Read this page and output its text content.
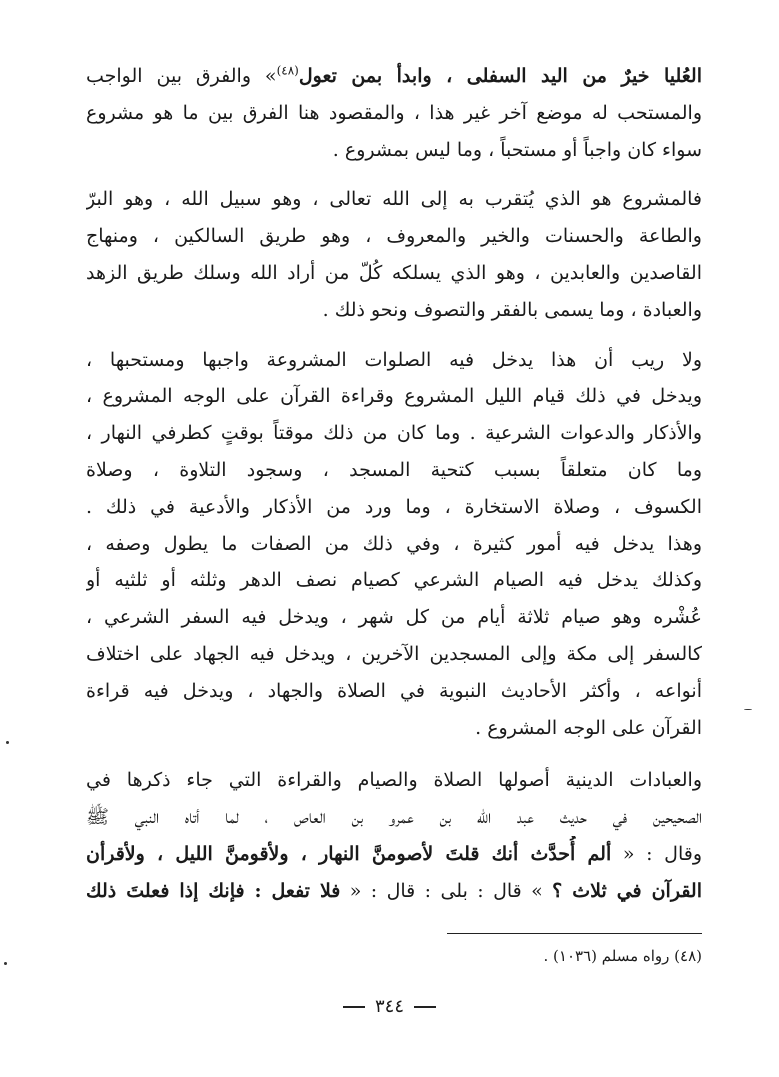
العُليا خيرٌ من اليد السفلى ، وابدأ بمن تعول$^{(٤٨)}$» والفرق بين الواجب
والمستحب له موضع آخر غير هذا ، والمقصود هنا الفرق بين ما هو مشروع
سواء كان واجباً أو مستحباً ، وما ليس بمشروع .
فالمشروع هو الذي يُتقرب به إلى الله تعالى ، وهو سبيل الله ، وهو البرّ
والطاعة والحسنات والخير والمعروف ، وهو طريق السالكين ، ومنهاج
القاصدين والعابدين ، وهو الذي يسلكه كُلّ من أراد الله وسلك طريق الزهد
والعبادة ، وما يسمى بالفقر والتصوف ونحو ذلك .
ولا ريب أن هذا يدخل فيه الصلوات المشروعة واجبها ومستحبها ،
ويدخل في ذلك قيام الليل المشروع وقراءة القرآن على الوجه المشروع ،
والأذكار والدعوات الشرعية . وما كان من ذلك موقتاً بوقتٍ كطرفي النهار ،
وما كان متعلقاً بسبب كتحية المسجد ، وسجود التلاوة ، وصلاة
الكسوف ، وصلاة الاستخارة ، وما ورد من الأذكار والأدعية في ذلك .
وهذا يدخل فيه أمور كثيرة ، وفي ذلك من الصفات ما يطول وصفه ،
وكذلك يدخل فيه الصيام الشرعي كصيام نصف الدهر وثلثه أو ثلثيه أو
عُشْره وهو صيام ثلاثة أيام من كل شهر ، ويدخل فيه السفر الشرعي ،
كالسفر إلى مكة وإلى المسجدين الآخرين ، ويدخل فيه الجهاد على اختلاف
أنواعه ، وأكثر الأحاديث النبوية في الصلاة والجهاد ، ويدخل فيه قراءة
القرآن على الوجه المشروع .
والعبادات الدينية أصولها الصلاة والصيام والقراءة التي جاء ذكرها في
الصحيحين في حديث عبد الله بن عمرو بن العاص ، لما أتاه النبي ﷺ
وقال : « ألم أُحدَّث أنك قلتَ لأصومنَّ النهار ، ولأقومنَّ الليل ، ولأقرأن
القرآن في ثلاث ؟ » قال : بلى : قال : « فلا تفعل : فإنك إذا فعلتَ ذلك
(٤٨) رواه مسلم (١٠٣٦) .
٣٤٤
